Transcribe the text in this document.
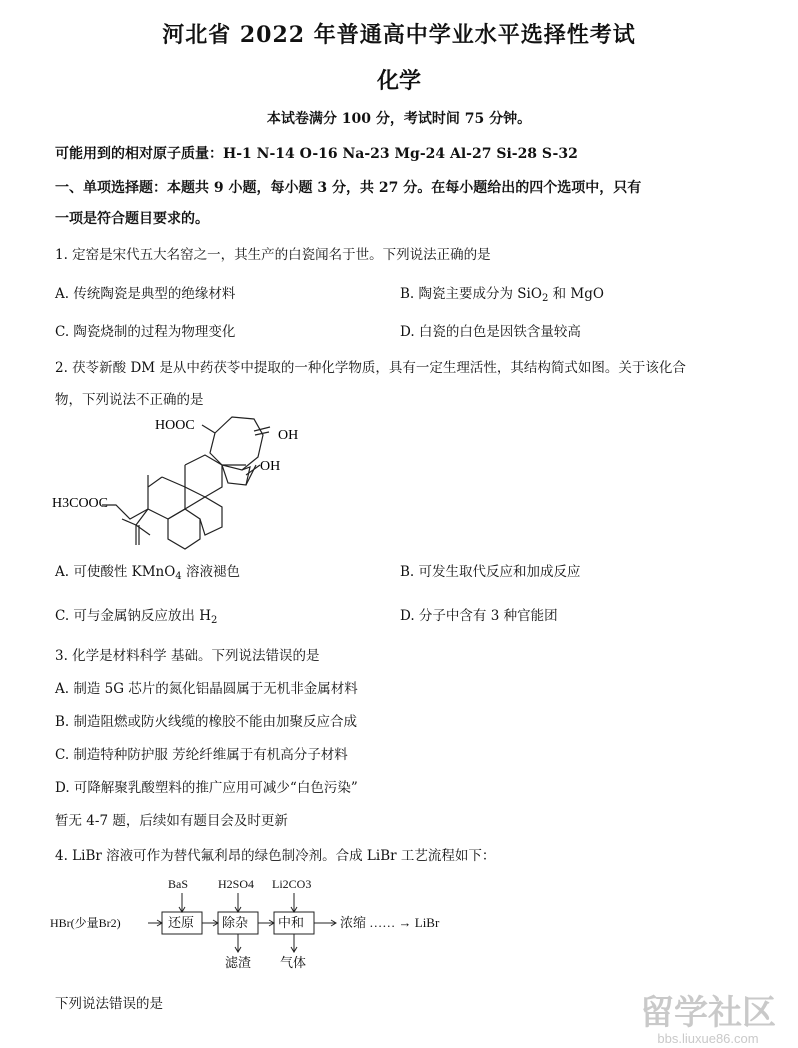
河北省 2022 年普通高中学业水平选择性考试
化学
本试卷满分 100 分，考试时间 75 分钟。
可能用到的相对原子质量：H-1 N-14 O-16 Na-23 Mg-24 Al-27 Si-28 S-32
一、单项选择题：本题共 9 小题，每小题 3 分，共 27 分。在每小题给出的四个选项中，只有
一项是符合题目要求的。
1. 定窑是宋代五大名窑之一，其生产的白瓷闻名于世。下列说法正确的是
A. 传统陶瓷是典型的绝缘材料	B. 陶瓷主要成分为 SiO$_2$ 和 MgO
C. 陶瓷烧制的过程为物理变化	D. 白瓷的白色是因铁含量较高
2. 茯苓新酸 DM 是从中药茯苓中提取的一种化学物质，具有一定生理活性，其结构简式如图。关于该化合
物，下列说法不正确的是
HOOC
OH
OH
H3COOC
A. 可使酸性 KMnO$_4$ 溶液褪色	B. 可发生取代反应和加成反应
C. 可与金属钠反应放出 $H_2$	D. 分子中含有 3 种官能团
3. 化学是材料科学 基础。下列说法错误的是
A. 制造 5G 芯片的氮化铝晶圆属于无机非金属材料
B. 制造阻燃或防火线缆的橡胶不能由加聚反应合成
C. 制造特种防护服 芳纶纤维属于有机高分子材料
D. 可降解聚乳酸塑料的推广应用可减少“白色污染”
暂无 4-7 题，后续如有题目会及时更新
4. LiBr 溶液可作为替代氟利昂的绿色制冷剂。合成 LiBr 工艺流程如下：
HBr(少量Br2)
BaS H2SO4 Li2CO3
还原 除杂 中和	浓缩 …… → LiBr
滤渣 气体
下列说法错误的是	留学社区
bbs.liuxue86.com
